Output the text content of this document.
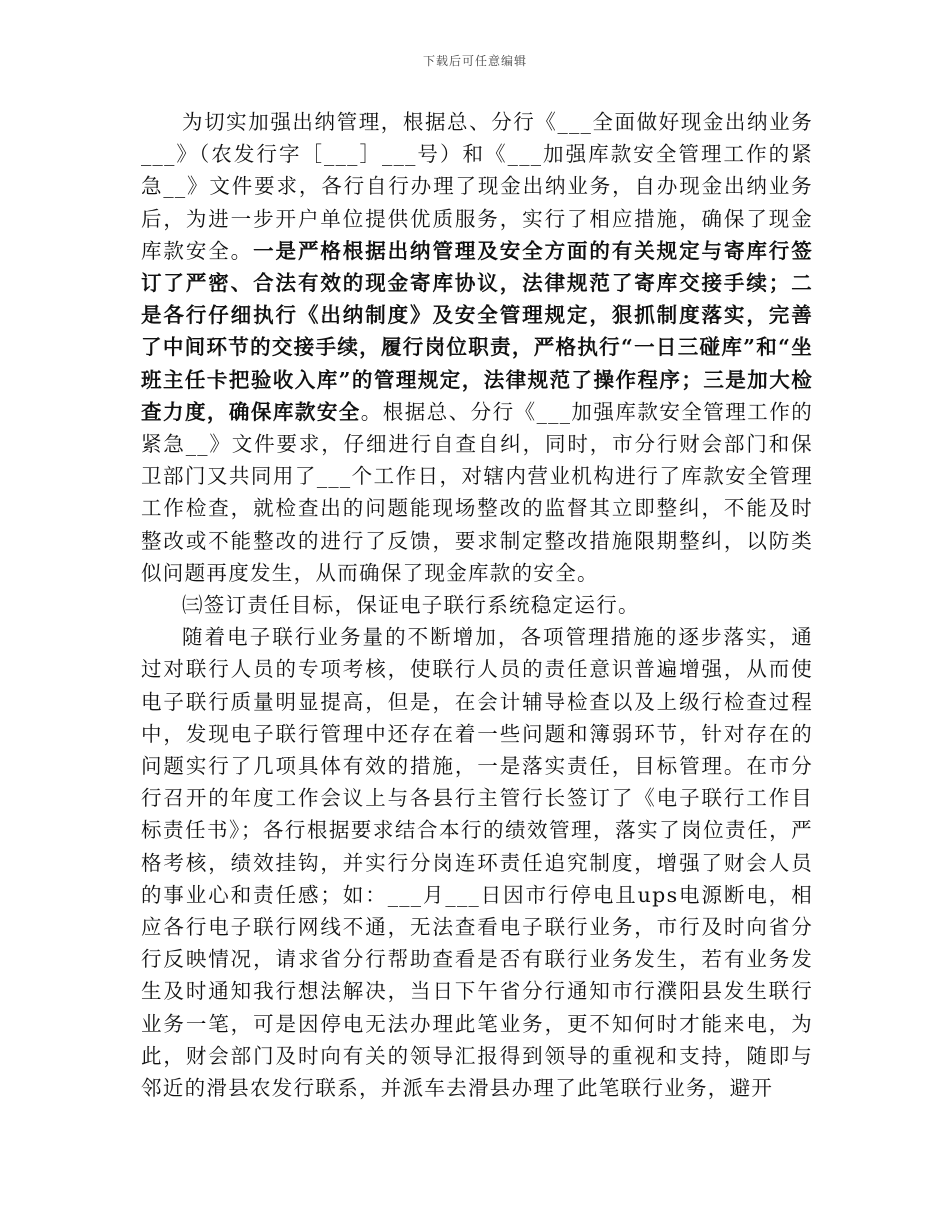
下载后可任意编辑

为切实加强出纳管理，根据总、分行《___全面做好现金出纳业务___》（农发行字［___］___号）和《___加强库款安全管理工作的紧急__》文件要求，各行自行办理了现金出纳业务，自办现金出纳业务后，为进一步开户单位提供优质服务，实行了相应措施，确保了现金库款安全。一是严格根据出纳管理及安全方面的有关规定与寄库行签订了严密、合法有效的现金寄库协议，法律规范了寄库交接手续；二是各行仔细执行《出纳制度》及安全管理规定，狠抓制度落实，完善了中间环节的交接手续，履行岗位职责，严格执行“一日三碰库”和“坐班主任卡把验收入库”的管理规定，法律规范了操作程序；三是加大检查力度，确保库款安全。根据总、分行《___加强库款安全管理工作的紧急__》文件要求，仔细进行自查自纠，同时，市分行财会部门和保卫部门又共同用了___个工作日，对辖内营业机构进行了库款安全管理工作检查，就检查出的问题能现场整改的监督其立即整纠，不能及时整改或不能整改的进行了反馈，要求制定整改措施限期整纠，以防类似问题再度发生，从而确保了现金库款的安全。

㈢签订责任目标，保证电子联行系统稳定运行。

随着电子联行业务量的不断增加，各项管理措施的逐步落实，通过对联行人员的专项考核，使联行人员的责任意识普遍增强，从而使电子联行质量明显提高，但是，在会计辅导检查以及上级行检查过程中，发现电子联行管理中还存在着一些问题和簿弱环节，针对存在的问题实行了几项具体有效的措施，一是落实责任，目标管理。在市分行召开的年度工作会议上与各县行主管行长签订了《电子联行工作目标责任书》；各行根据要求结合本行的绩效管理，落实了岗位责任，严格考核，绩效挂钩，并实行分岗连环责任追究制度，增强了财会人员的事业心和责任感；如：___月___日因市行停电且ups电源断电，相应各行电子联行网线不通，无法查看电子联行业务，市行及时向省分行反映情况，请求省分行帮助查看是否有联行业务发生，若有业务发生及时通知我行想法解决，当日下午省分行通知市行濮阳县发生联行业务一笔，可是因停电无法办理此笔业务，更不知何时才能来电，为此，财会部门及时向有关的领导汇报得到领导的重视和支持，随即与邻近的滑县农发行联系，并派车去滑县办理了此笔联行业务，避开
